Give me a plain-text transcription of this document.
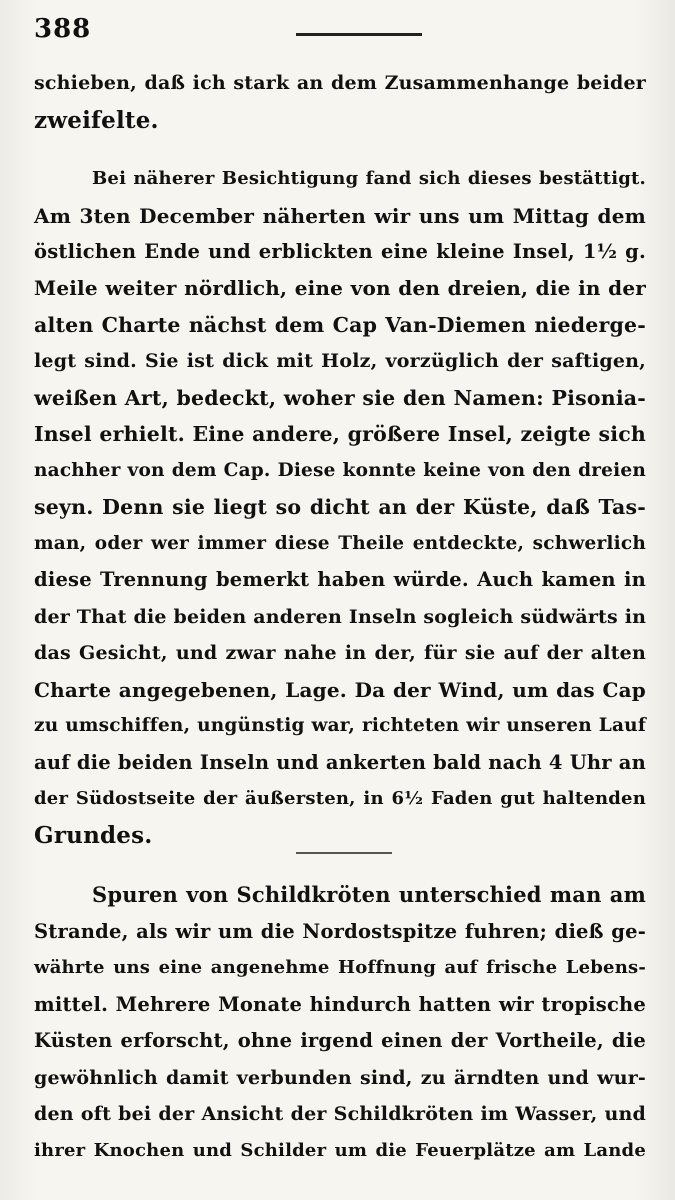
388
schieben, daß ich stark an dem Zusammenhange beider
zweifelte.
Bei näherer Besichtigung fand sich dieses bestättigt.
Am 3ten December näherten wir uns um Mittag dem
östlichen Ende und erblickten eine kleine Insel, 1½ g.
Meile weiter nördlich, eine von den dreien, die in der
alten Charte nächst dem Cap Van-Diemen niederge-
legt sind. Sie ist dick mit Holz, vorzüglich der saftigen,
weißen Art, bedeckt, woher sie den Namen: Pisonia-
Insel erhielt. Eine andere, größere Insel, zeigte sich
nachher von dem Cap. Diese konnte keine von den dreien
seyn. Denn sie liegt so dicht an der Küste, daß Tas-
man, oder wer immer diese Theile entdeckte, schwerlich
diese Trennung bemerkt haben würde. Auch kamen in
der That die beiden anderen Inseln sogleich südwärts in
das Gesicht, und zwar nahe in der, für sie auf der alten
Charte angegebenen, Lage. Da der Wind, um das Cap
zu umschiffen, ungünstig war, richteten wir unseren Lauf
auf die beiden Inseln und ankerten bald nach 4 Uhr an
der Südostseite der äußersten, in 6½ Faden gut haltenden
Grundes.
Spuren von Schildkröten unterschied man am
Strande, als wir um die Nordostspitze fuhren; dieß ge-
währte uns eine angenehme Hoffnung auf frische Lebens-
mittel. Mehrere Monate hindurch hatten wir tropische
Küsten erforscht, ohne irgend einen der Vortheile, die
gewöhnlich damit verbunden sind, zu ärndten und wur-
den oft bei der Ansicht der Schildkröten im Wasser, und
ihrer Knochen und Schilder um die Feuerplätze am Lande
